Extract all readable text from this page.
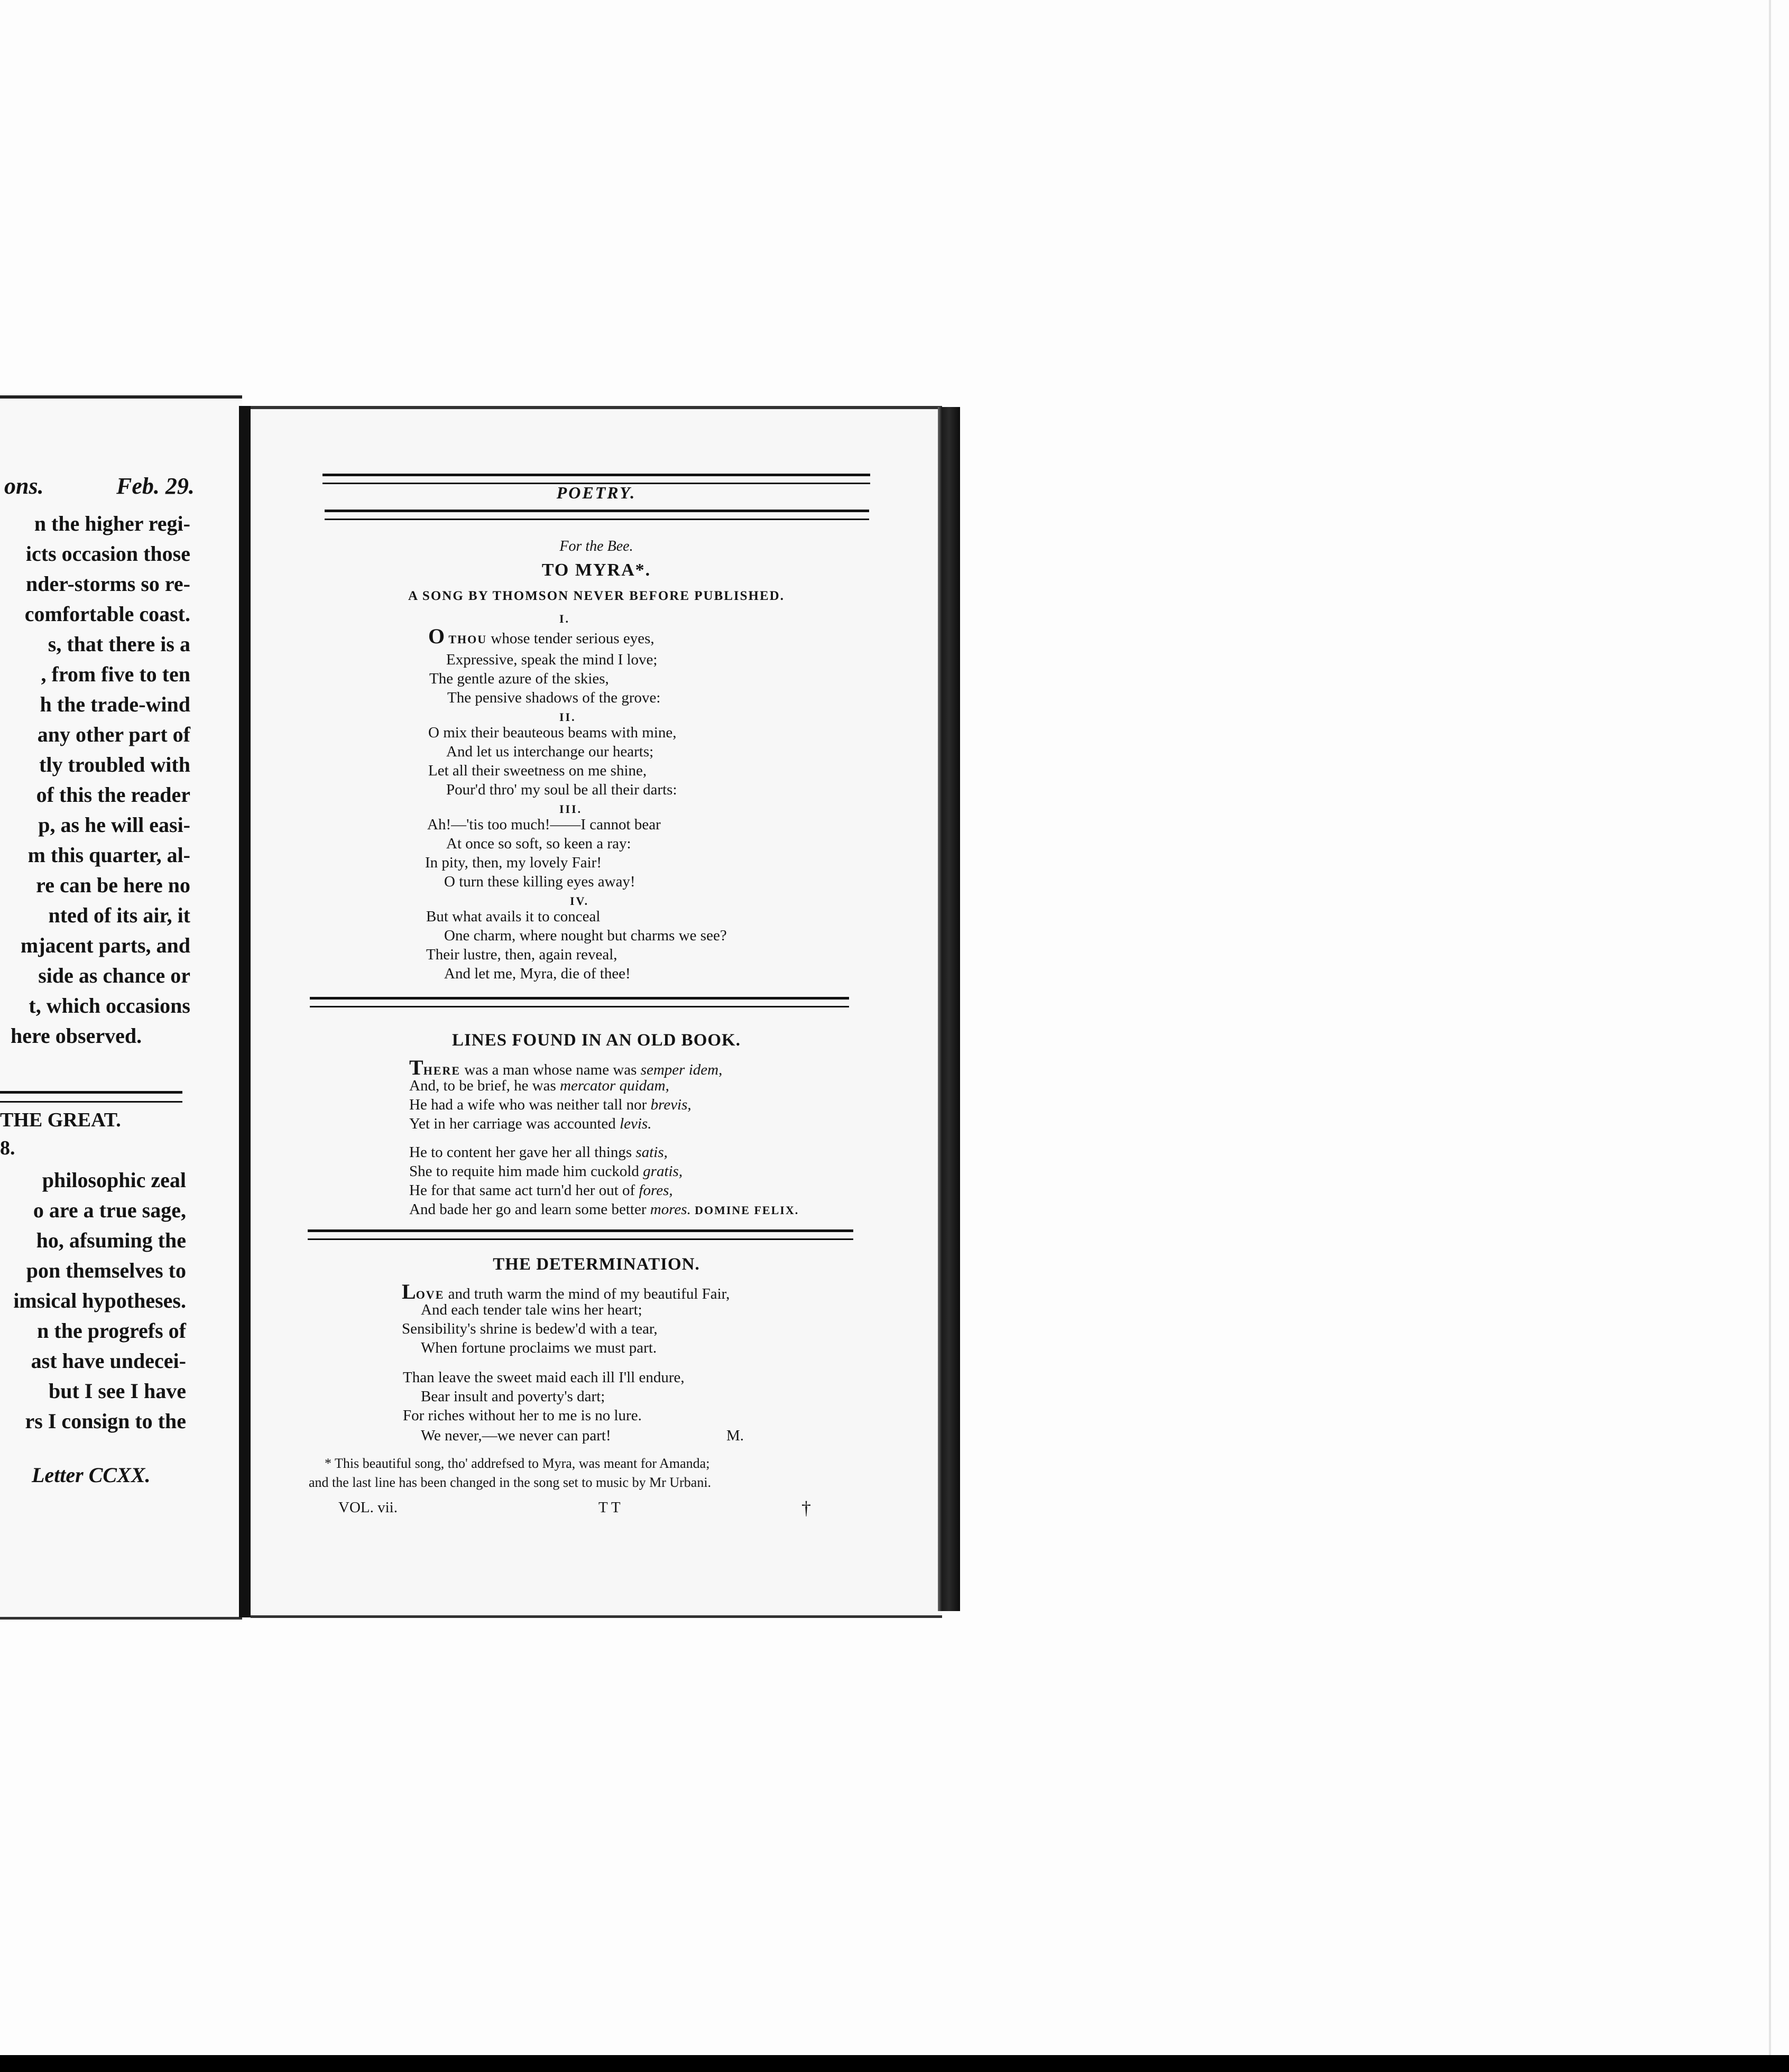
ons.	Feb. 29.
n the higher regi-
icts occasion those
nder-storms so re-
comfortable coast.
s, that there is a
, from five to ten
h the trade-wind
any other part of
tly troubled with
of this the reader
p, as he will easi-
m this quarter, al-
re can be here no
nted of its air, it
mjacent parts, and
side as chance or
t, which occasions
here observed.
THE GREAT.
8.
philosophic zeal
o are a true sage,
ho, afsuming the
pon themselves to
imsical hypotheses.
n the progrefs of
ast have undecei-
but I see I have
rs I consign to the
Letter CCXX.
POETRY.
For the Bee.
TO MYRA*.
A SONG BY THOMSON NEVER BEFORE PUBLISHED.
I.
O THOU whose tender serious eyes,
Expressive, speak the mind I love;
The gentle azure of the skies,
The pensive shadows of the grove:
II.
O mix their beauteous beams with mine,
And let us interchange our hearts;
Let all their sweetness on me shine,
Pour'd thro' my soul be all their darts:
III.
Ah!—'tis too much!——I cannot bear
At once so soft, so keen a ray:
In pity, then, my lovely Fair!
O turn these killing eyes away!
IV.
But what avails it to conceal
One charm, where nought but charms we see?
Their lustre, then, again reveal,
And let me, Myra, die of thee!
LINES FOUND IN AN OLD BOOK.
THERE was a man whose name was semper idem,
And, to be brief, he was mercator quidam,
He had a wife who was neither tall nor brevis,
Yet in her carriage was accounted levis.
He to content her gave her all things satis,
She to requite him made him cuckold gratis,
He for that same act turn'd her out of fores,
And bade her go and learn some better mores. DOMINE FELIX.
THE DETERMINATION.
LOVE and truth warm the mind of my beautiful Fair,
And each tender tale wins her heart;
Sensibility's shrine is bedew'd with a tear,
When fortune proclaims we must part.
Than leave the sweet maid each ill I'll endure,
Bear insult and poverty's dart;
For riches without her to me is no lure.
We never,—we never can part!	M.
* This beautiful song, tho' addrefsed to Myra, was meant for Amanda;
and the last line has been changed in the song set to music by Mr Urbani.
VOL. vii.	T T	†
